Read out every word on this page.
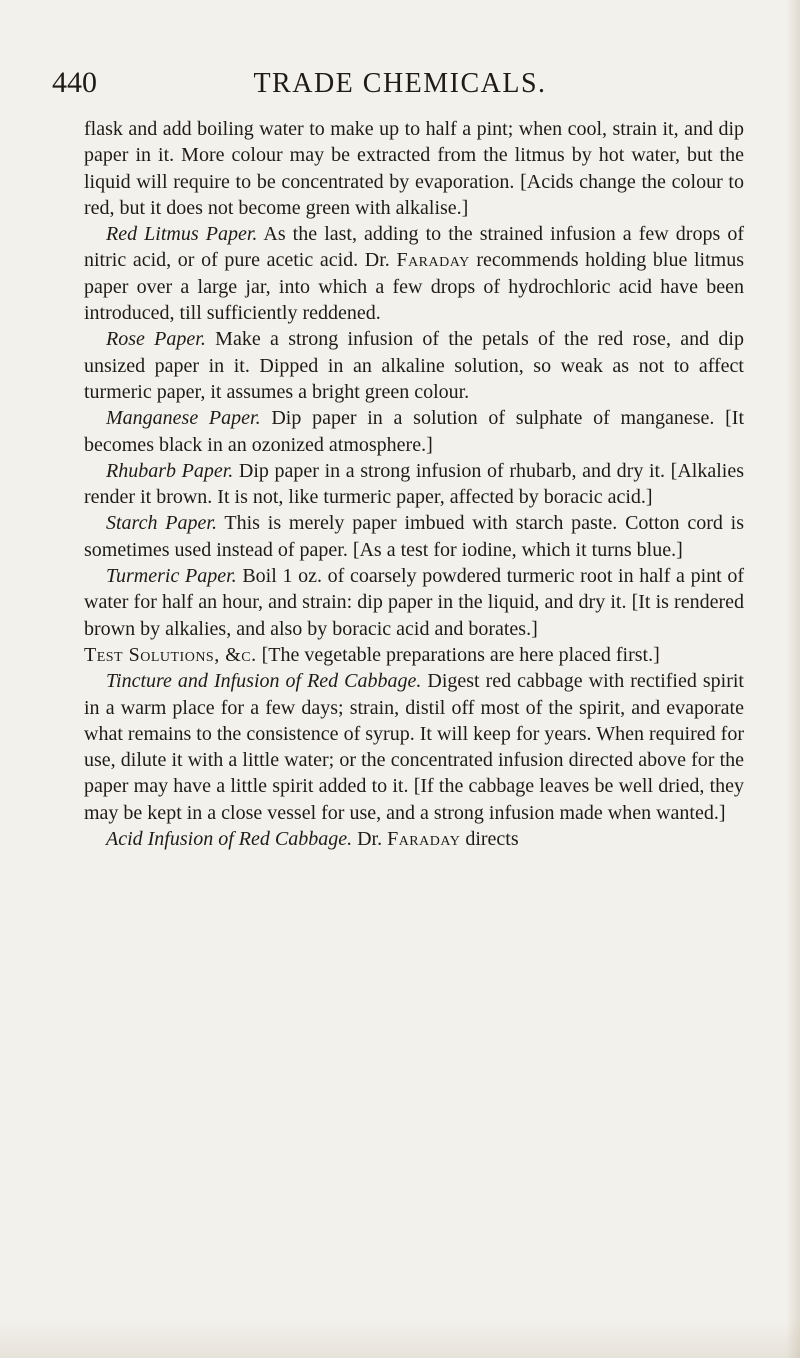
440	TRADE CHEMICALS.

flask and add boiling water to make up to half a pint; when cool, strain it, and dip paper in it. More colour may be extracted from the litmus by hot water, but the liquid will require to be concentrated by evaporation. [Acids change the colour to red, but it does not become green with alkalise.]

Red Litmus Paper. As the last, adding to the strained infusion a few drops of nitric acid, or of pure acetic acid. Dr. Faraday recommends holding blue litmus paper over a large jar, into which a few drops of hydrochloric acid have been introduced, till sufficiently reddened.

Rose Paper. Make a strong infusion of the petals of the red rose, and dip unsized paper in it. Dipped in an alkaline solution, so weak as not to affect turmeric paper, it assumes a bright green colour.

Manganese Paper. Dip paper in a solution of sulphate of manganese. [It becomes black in an ozonized atmosphere.]

Rhubarb Paper. Dip paper in a strong infusion of rhubarb, and dry it. [Alkalies render it brown. It is not, like turmeric paper, affected by boracic acid.]

Starch Paper. This is merely paper imbued with starch paste. Cotton cord is sometimes used instead of paper. [As a test for iodine, which it turns blue.]

Turmeric Paper. Boil 1 oz. of coarsely powdered turmeric root in half a pint of water for half an hour, and strain: dip paper in the liquid, and dry it. [It is rendered brown by alkalies, and also by boracic acid and borates.]

Test Solutions, &c. [The vegetable preparations are here placed first.]

Tincture and Infusion of Red Cabbage. Digest red cabbage with rectified spirit in a warm place for a few days; strain, distil off most of the spirit, and evaporate what remains to the consistence of syrup. It will keep for years. When required for use, dilute it with a little water; or the concentrated infusion directed above for the paper may have a little spirit added to it. [If the cabbage leaves be well dried, they may be kept in a close vessel for use, and a strong infusion made when wanted.]

Acid Infusion of Red Cabbage. Dr. Faraday directs
